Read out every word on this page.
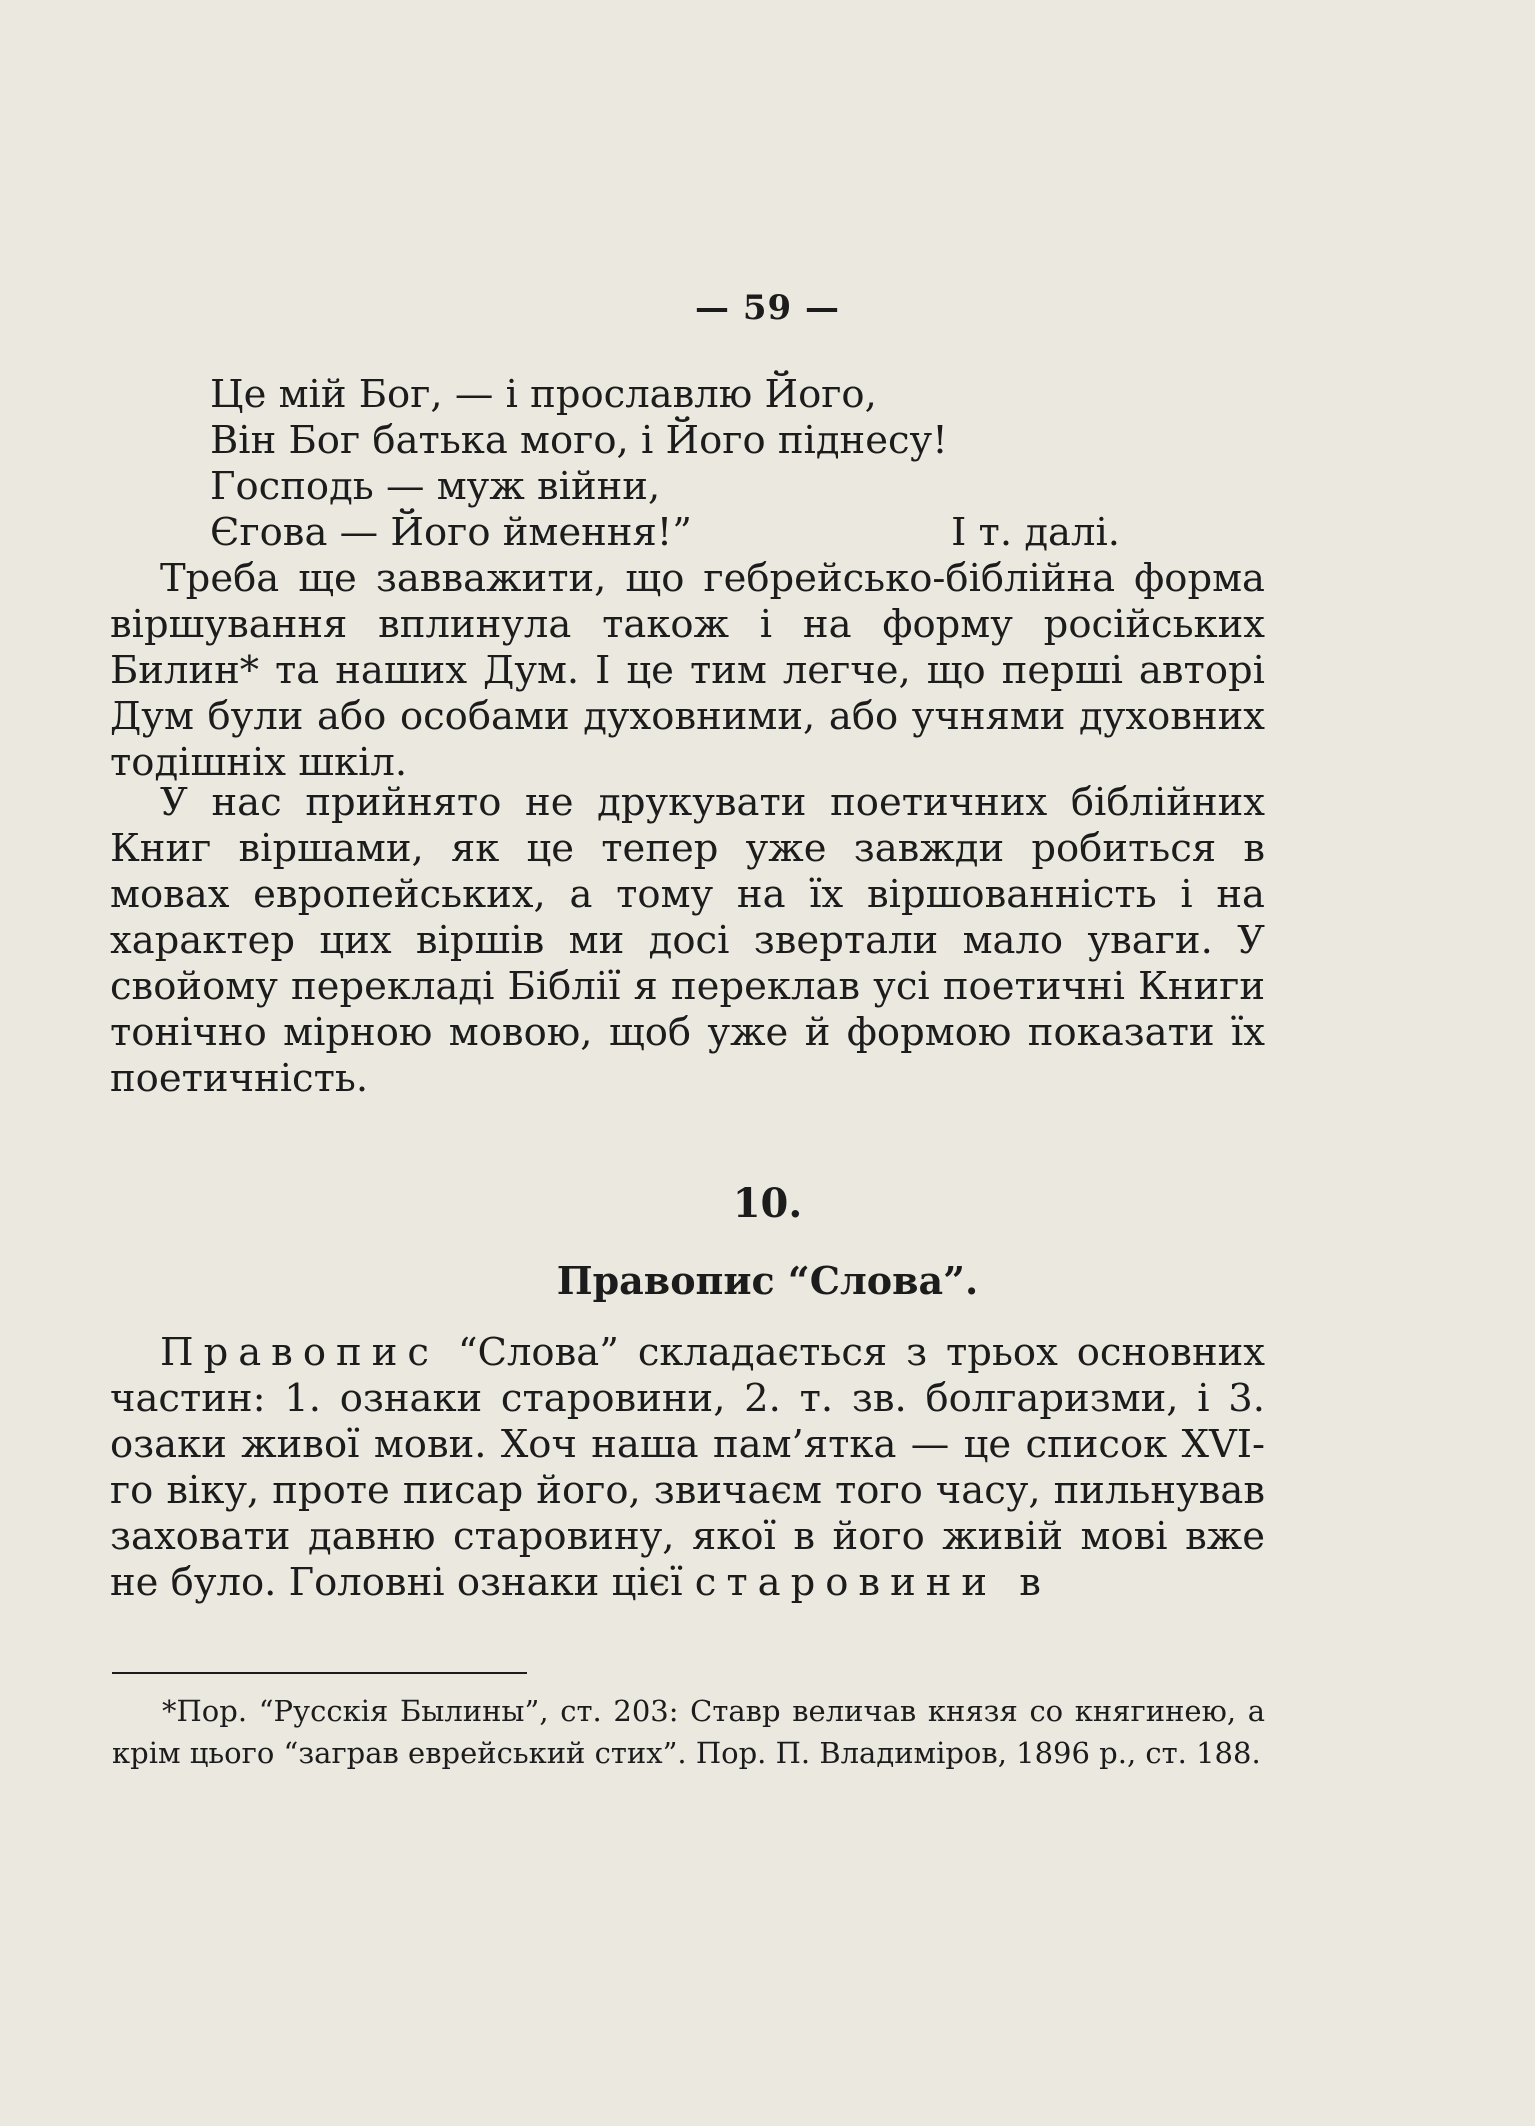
— 59 —
Це мій Бог, — і прославлю Його,
Він Бог батька мого, і Його піднесу!
Господь — муж війни,
Єгова — Його ймення!”	І т. далі.
Треба ще завважити, що гебрейсько-біблійна форма віршування вплинула також і на форму російських Билин* та наших Дум. І це тим легче, що перші авторі Дум були або особами духовними, або учнями духовних тодішніх шкіл.
У нас прийнято не друкувати поетичних біблійних Книг віршами, як це тепер уже завжди робиться в мовах европейських, а тому на їх віршованність і на характер цих віршів ми досі звертали мало уваги. У свойому перекладі Біблії я переклав усі поетичні Книги тонічно мірною мовою, щоб уже й формою показати їх поетичність.
10.
Правопис “Слова”.
Правопис “Слова” складається з трьох основних частин: 1. ознаки старовини, 2. т. зв. болгаризми, і 3. озаки живої мови. Хоч наша пам’ятка — це список XVI-го віку, проте писар його, звичаєм того часу, пильнував заховати давню старовину, якої в його живій мові вже не було. Головні ознаки цієї старовини в
*Пор. “Русскія Былины”, ст. 203: Ставр величав князя со княгинею, а крім цього “заграв еврейський стих”. Пор. П. Владиміров, 1896 р., ст. 188.
